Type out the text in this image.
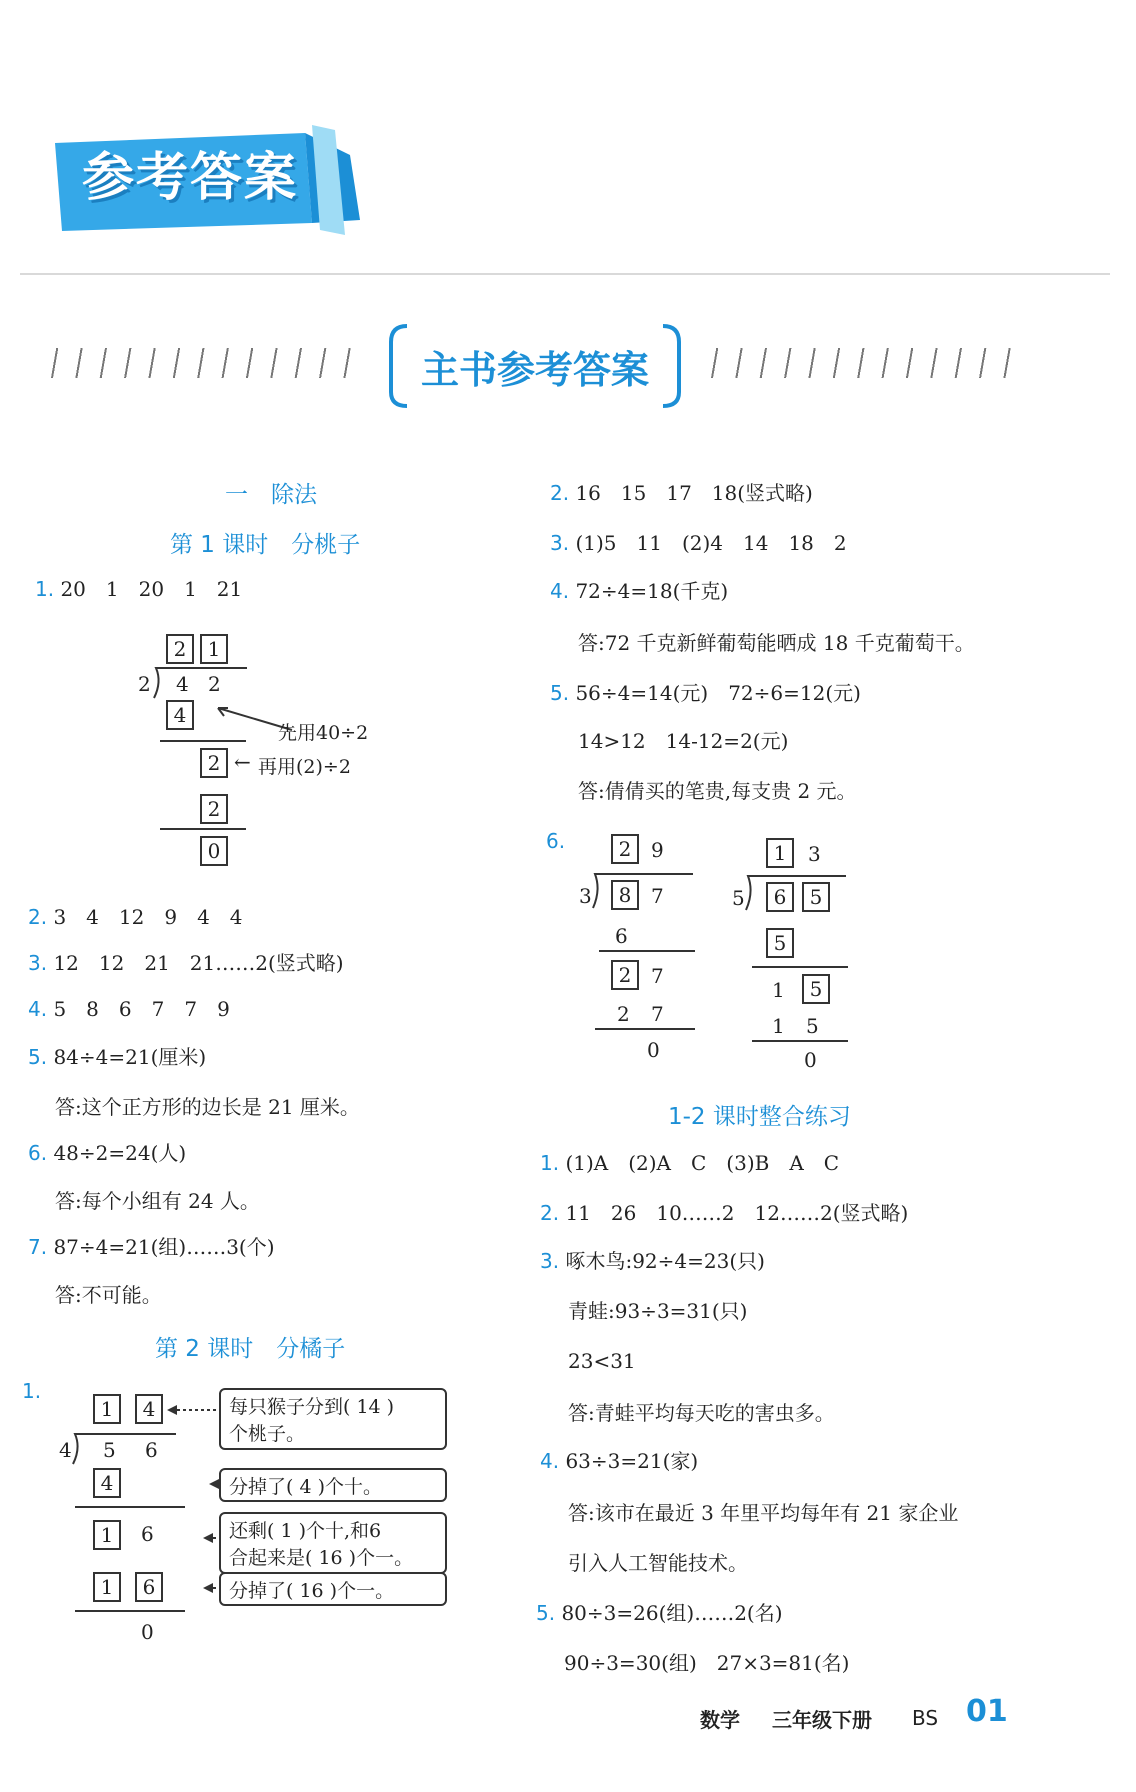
参考答案
主书参考答案
一　除法
第 1 课时　分桃子
1. 20　1　20　1　21
2	1
2 4 2
4
先用40÷2
2 ← 再用(2)÷2
2
0
2. 3　4　12　9　4　4
3. 12　12　21　21……2(竖式略)
4. 5　8　6　7　7　9
5. 84÷4=21(厘米)
答:这个正方形的边长是 21 厘米。
6. 48÷2=24(人)
答:每个小组有 24 人。
7. 87÷4=21(组)……3(个)
答:不可能。
第 2 课时　分橘子
1.
1	4
4 5 6
4
1	6
1	6
0
每只猴子分到( 14 )
个桃子。
分掉了( 4 )个十。
还剩( 1 )个十,和6
合起来是( 16 )个一。
分掉了( 16 )个一。
2. 16　15　17　18(竖式略)
3. (1)5　11　(2)4　14　18　2
4. 72÷4=18(千克)
答:72 千克新鲜葡萄能晒成 18 千克葡萄干。
5. 56÷4=14(元)　72÷6=12(元)
14>12　14-12=2(元)
答:倩倩买的笔贵,每支贵 2 元。
6.	2 9
3	8 7
6
2 7
2 7
0
1	3
5	6	5
5
1	5
1 5
0
1-2 课时整合练习
1. (1)A　(2)A　C　(3)B　A　C
2. 11　26　10……2　12……2(竖式略)
3. 啄木鸟:92÷4=23(只)
青蛙:93÷3=31(只)
23<31
答:青蛙平均每天吃的害虫多。
4. 63÷3=21(家)
答:该市在最近 3 年里平均每年有 21 家企业
引入人工智能技术。
5. 80÷3=26(组)……2(名)
90÷3=30(组)　27×3=81(名)
数学 三年级下册 BS 01
